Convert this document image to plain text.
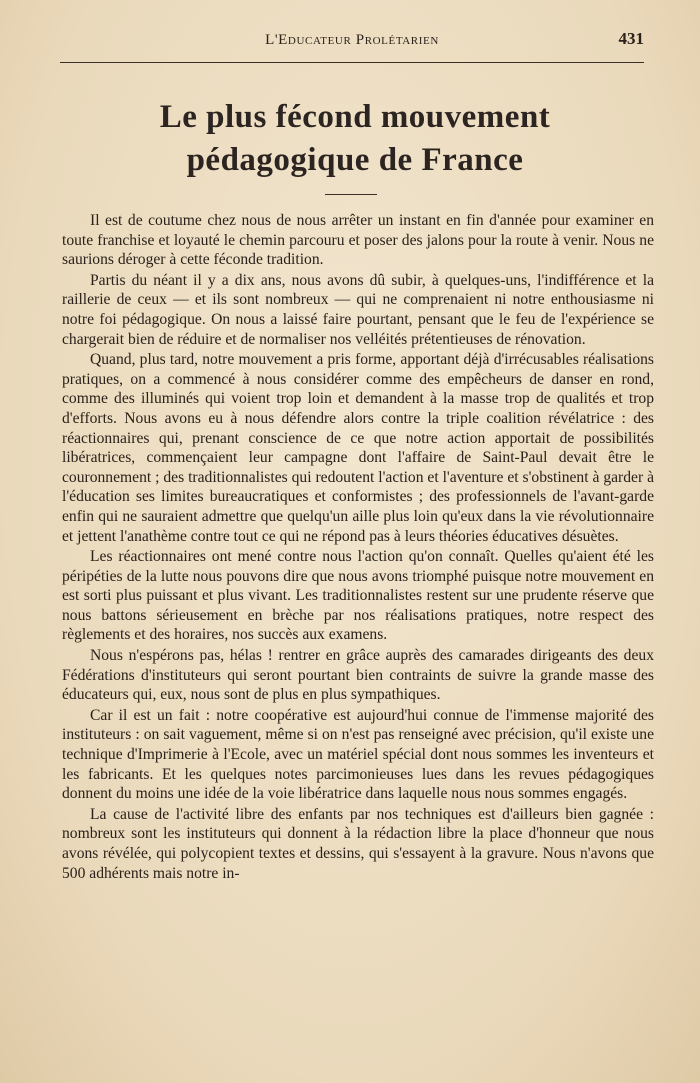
L'Educateur Prolétarien	431
Le plus fécond mouvement
pédagogique de France

Il est de coutume chez nous de nous arrêter un instant en fin d'année pour examiner en toute franchise et loyauté le chemin parcouru et poser des jalons pour la route à venir. Nous ne saurions déroger à cette féconde tradition.

Partis du néant il y a dix ans, nous avons dû subir, à quelques-uns, l'indifférence et la raillerie de ceux — et ils sont nombreux — qui ne comprenaient ni notre enthousiasme ni notre foi pédagogique. On nous a laissé faire pourtant, pensant que le feu de l'expérience se chargerait bien de réduire et de normaliser nos velléités prétentieuses de rénovation.

Quand, plus tard, notre mouvement a pris forme, apportant déjà d'irrécusables réalisations pratiques, on a commencé à nous considérer comme des empêcheurs de danser en rond, comme des illuminés qui voient trop loin et demandent à la masse trop de qualités et trop d'efforts. Nous avons eu à nous défendre alors contre la triple coalition révélatrice : des réactionnaires qui, prenant conscience de ce que notre action apportait de possibilités libératrices, commençaient leur campagne dont l'affaire de Saint-Paul devait être le couronnement ; des traditionnalistes qui redoutent l'action et l'aventure et s'obstinent à garder à l'éducation ses limites bureaucratiques et conformistes ; des professionnels de l'avant-garde enfin qui ne sauraient admettre que quelqu'un aille plus loin qu'eux dans la vie révolutionnaire et jettent l'anathème contre tout ce qui ne répond pas à leurs théories éducatives désuètes.

Les réactionnaires ont mené contre nous l'action qu'on connaît. Quelles qu'aient été les péripéties de la lutte nous pouvons dire que nous avons triomphé puisque notre mouvement en est sorti plus puissant et plus vivant. Les traditionnalistes restent sur une prudente réserve que nous battons sérieusement en brèche par nos réalisations pratiques, notre respect des règlements et des horaires, nos succès aux examens.

Nous n'espérons pas, hélas ! rentrer en grâce auprès des camarades dirigeants des deux Fédérations d'instituteurs qui seront pourtant bien contraints de suivre la grande masse des éducateurs qui, eux, nous sont de plus en plus sympathiques.

Car il est un fait : notre coopérative est aujourd'hui connue de l'immense majorité des instituteurs : on sait vaguement, même si on n'est pas renseigné avec précision, qu'il existe une technique d'Imprimerie à l'Ecole, avec un matériel spécial dont nous sommes les inventeurs et les fabricants. Et les quelques notes parcimonieuses lues dans les revues pédagogiques donnent du moins une idée de la voie libératrice dans laquelle nous nous sommes engagés.

La cause de l'activité libre des enfants par nos techniques est d'ailleurs bien gagnée : nombreux sont les instituteurs qui donnent à la rédaction libre la place d'honneur que nous avons révélée, qui polycopient textes et dessins, qui s'essayent à la gravure. Nous n'avons que 500 adhérents mais notre in-
